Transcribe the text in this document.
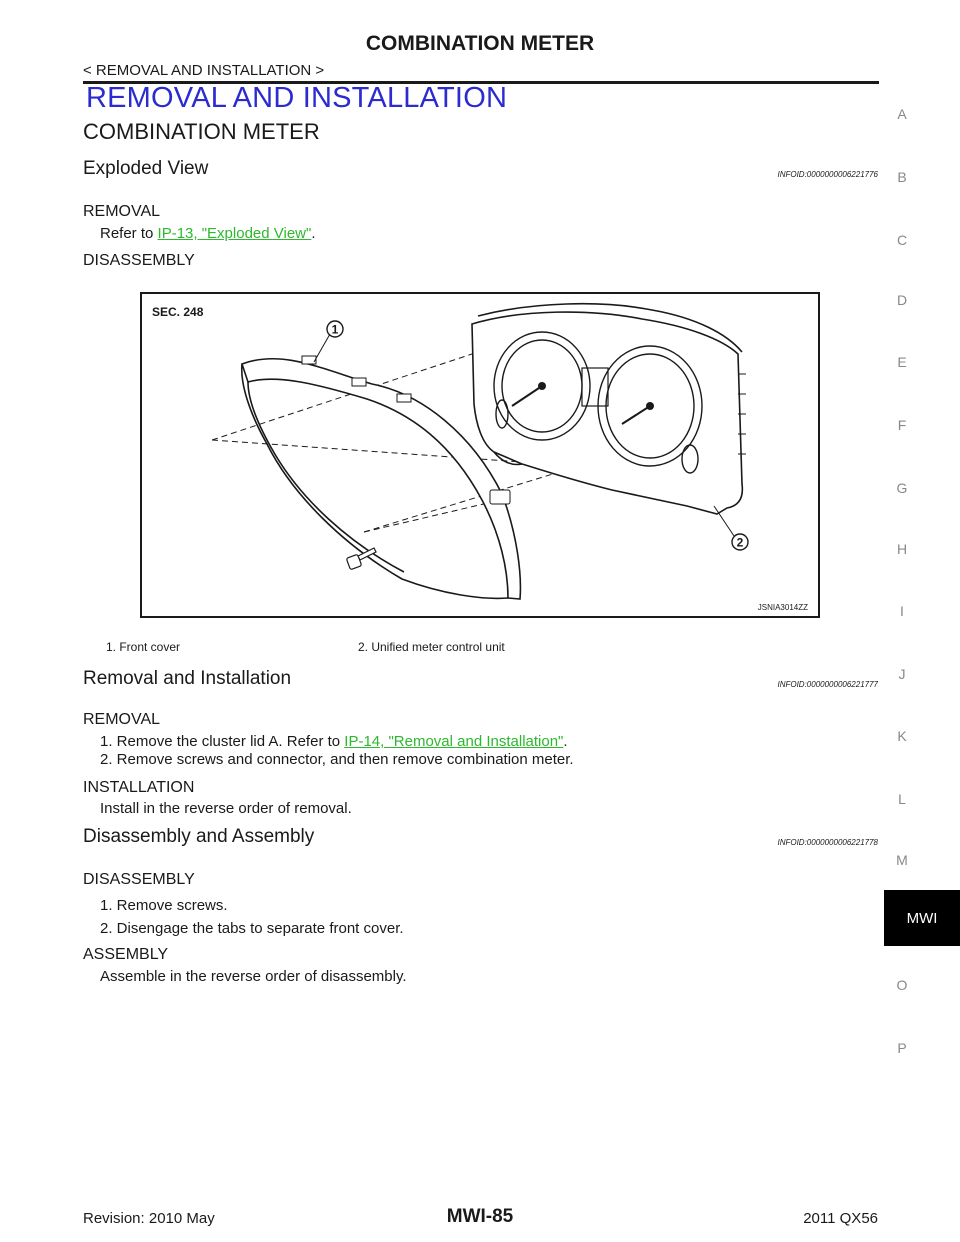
COMBINATION METER
< REMOVAL AND INSTALLATION >
REMOVAL AND INSTALLATION
COMBINATION METER
Exploded View	INFOID:0000000006221776
REMOVAL
Refer to IP-13, "Exploded View".
DISASSEMBLY
SEC. 248
1
2
JSNIA3014ZZ
1. Front cover	2. Unified meter control unit
Removal and Installation	INFOID:0000000006221777
REMOVAL
1. Remove the cluster lid A. Refer to IP-14, "Removal and Installation".
2. Remove screws and connector, and then remove combination meter.
INSTALLATION
Install in the reverse order of removal.
Disassembly and Assembly	INFOID:0000000006221778
DISASSEMBLY
1. Remove screws.
2. Disengage the tabs to separate front cover.
ASSEMBLY
Assemble in the reverse order of disassembly.
A
B
C
D
E
F
G
H
I
J
K
L
M
MWI
O
P
Revision: 2010 May	MWI-85	2011 QX56
